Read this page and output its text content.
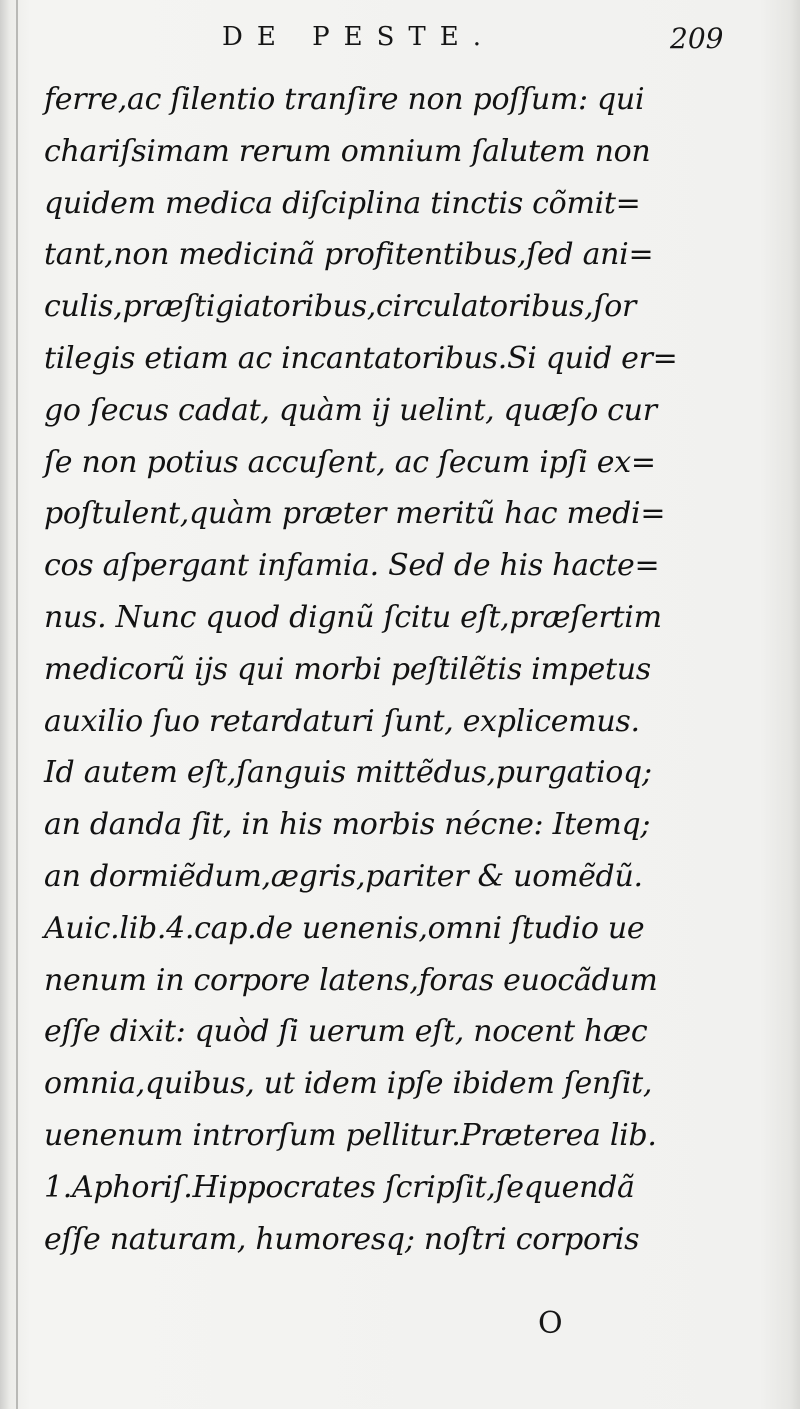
DE PESTE.	209
ferre,ac ſilentio tranſire non poſſum: qui
chariſsimam rerum omnium ſalutem non
quidem medica diſciplina tinctis cõmit=
tant,non medicinã profitentibus,ſed ani=
culis,præſtigiatoribus,circulatoribus,ſor
tilegis etiam ac incantatoribus.Si quid er=
go ſecus cadat, quàm ij uelint, quæſo cur
ſe non potius accuſent, ac ſecum ipſi ex=
poſtulent,quàm præter meritũ hac medi=
cos aſpergant infamia. Sed de his hacte=
nus. Nunc quod dignũ ſcitu eſt,præſertim
medicorũ ijs qui morbi peſtilẽtis impetus
auxilio ſuo retardaturi ſunt, explicemus.
Id autem eſt,ſanguis mittẽdus,purgatioq;
an danda ſit, in his morbis nécne: Itemq;
an dormiẽdum,ægris,pariter & uomẽdũ.
Auic.lib.4.cap.de uenenis,omni ſtudio ue
nenum in corpore latens,foras euocãdum
eſſe dixit: quòd ſi uerum eſt, nocent hæc
omnia,quibus, ut idem ipſe ibidem ſenſit,
uenenum introrſum pellitur.Præterea lib.
1.Aphoriſ.Hippocrates ſcripſit,ſequendã
eſſe naturam, humoresq; noſtri corporis
O
